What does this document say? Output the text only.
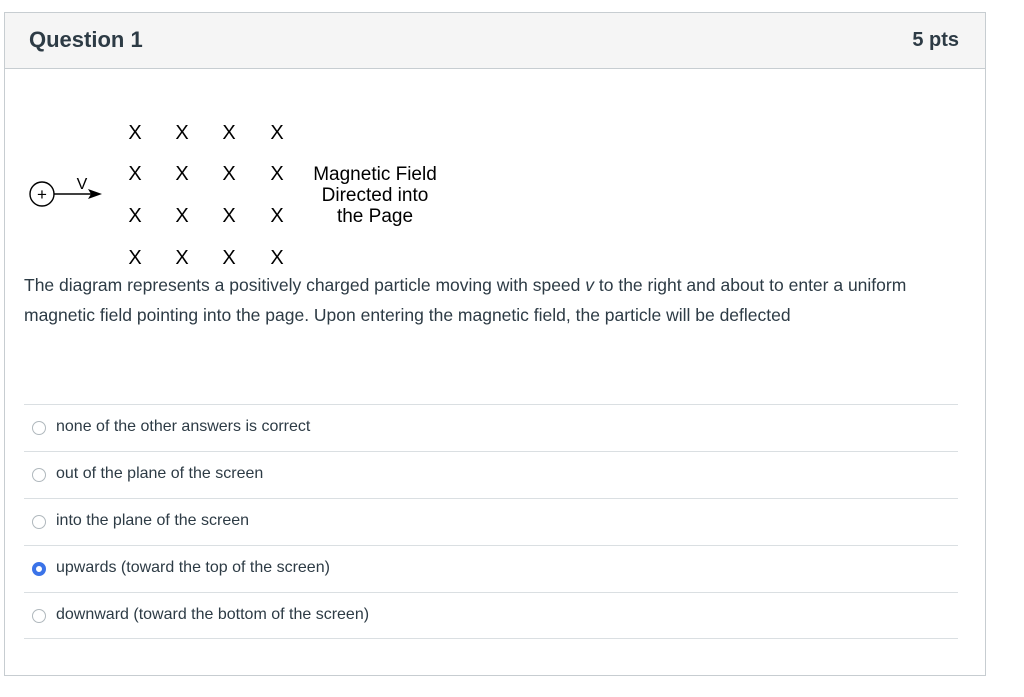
Question 1	5 pts
+
V
X X X X
X X X X
X X X X
X X X X
Magnetic Field
Directed into
the Page

The diagram represents a positively charged particle moving with speed v to the right and about to enter a uniform magnetic field pointing into the page. Upon entering the magnetic field, the particle will be deflected

none of the other answers is correct
out of the plane of the screen
into the plane of the screen
upwards (toward the top of the screen)
downward (toward the bottom of the screen)
